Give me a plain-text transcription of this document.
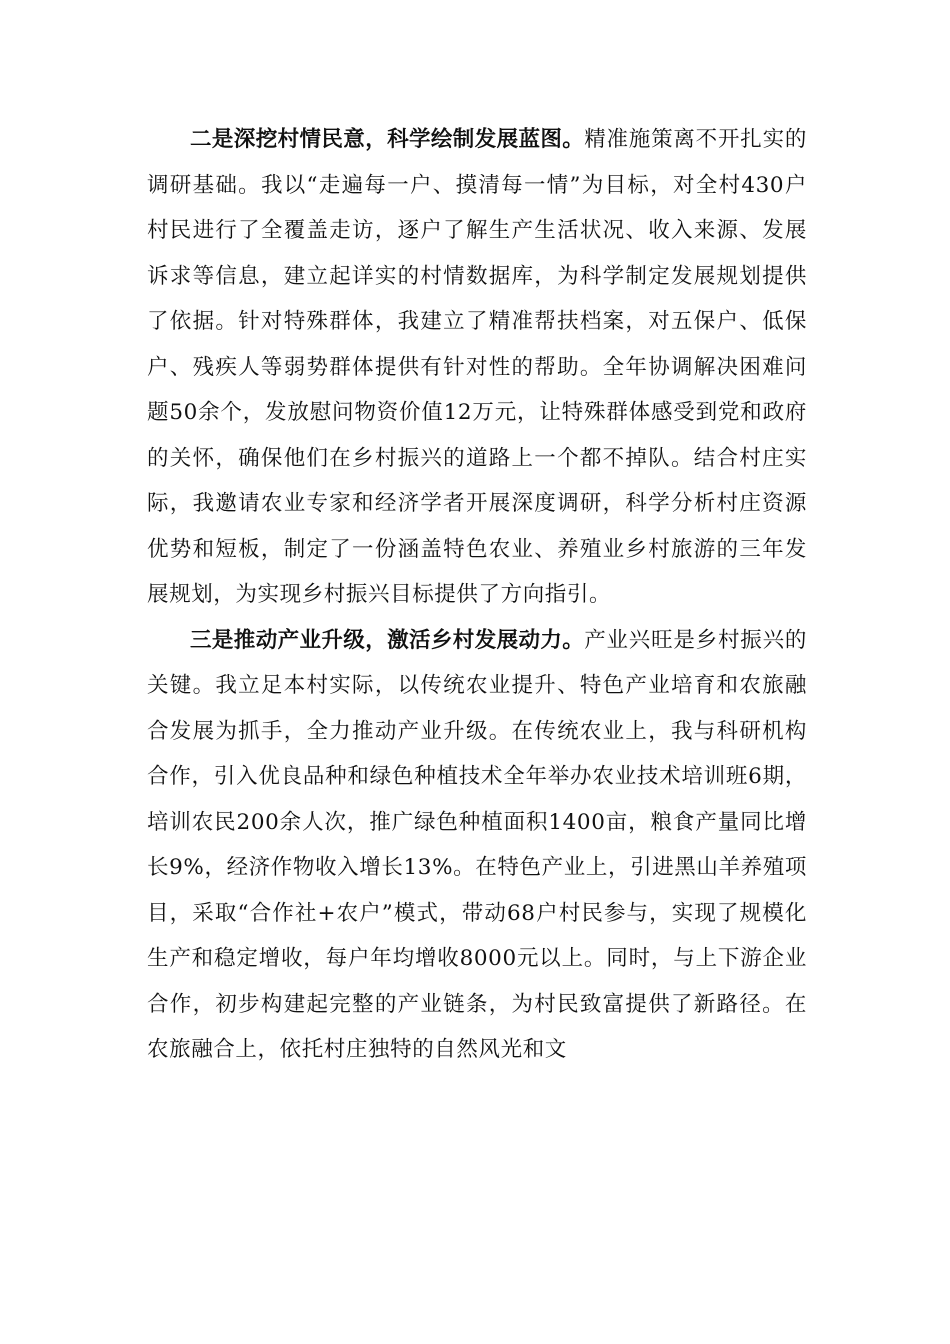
二是深挖村情民意，科学绘制发展蓝图。精准施策离不开扎实的调研基础。我以“走遍每一户、摸清每一情”为目标，对全村430户村民进行了全覆盖走访，逐户了解生产生活状况、收入来源、发展诉求等信息，建立起详实的村情数据库，为科学制定发展规划提供了依据。针对特殊群体，我建立了精准帮扶档案，对五保户、低保户、残疾人等弱势群体提供有针对性的帮助。全年协调解决困难问题50余个，发放慰问物资价值12万元，让特殊群体感受到党和政府的关怀，确保他们在乡村振兴的道路上一个都不掉队。结合村庄实际，我邀请农业专家和经济学者开展深度调研，科学分析村庄资源优势和短板，制定了一份涵盖特色农业、养殖业乡村旅游的三年发展规划，为实现乡村振兴目标提供了方向指引。

三是推动产业升级，激活乡村发展动力。产业兴旺是乡村振兴的关键。我立足本村实际，以传统农业提升、特色产业培育和农旅融合发展为抓手，全力推动产业升级。在传统农业上，我与科研机构合作，引入优良品种和绿色种植技术全年举办农业技术培训班6期，培训农民200余人次，推广绿色种植面积1400亩，粮食产量同比增长9%，经济作物收入增长13%。在特色产业上，引进黑山羊养殖项目，采取“合作社+农户”模式，带动68户村民参与，实现了规模化生产和稳定增收，每户年均增收8000元以上。同时，与上下游企业合作，初步构建起完整的产业链条，为村民致富提供了新路径。在农旅融合上，依托村庄独特的自然风光和文
